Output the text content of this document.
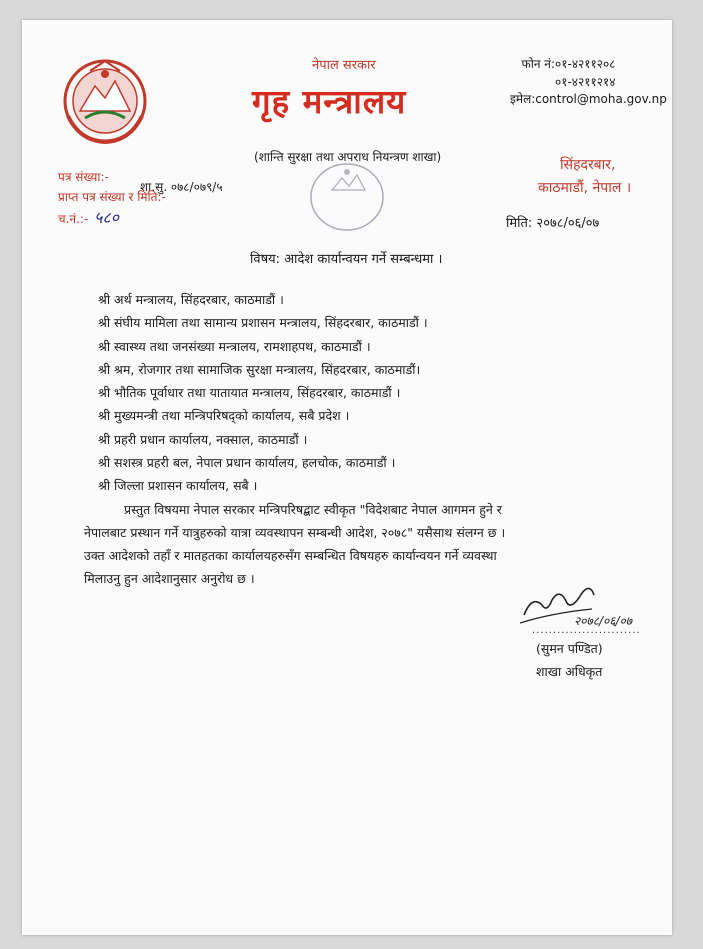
नेपाल सरकार
गृह मन्त्रालय
फोन नं:०१-४२११२०८
०१-४२११२१४
इमेल:control@moha.gov.np
(शान्ति सुरक्षा तथा अपराध नियन्त्रण शाखा)
पत्र संख्या:-
शा.सु. ०७८/०७९/५
प्राप्त पत्र संख्या र मिति:-
च.नं.:- ५८०
सिंहदरबार,
काठमाडौं, नेपाल ।
मिति: २०७८/०६/०७
विषय: आदेश कार्यान्वयन गर्ने सम्बन्धमा ।
श्री अर्थ मन्त्रालय, सिंहदरबार, काठमाडौं ।
श्री संघीय मामिला तथा सामान्य प्रशासन मन्त्रालय, सिंहदरबार, काठमाडौं ।
श्री स्वास्थ्य तथा जनसंख्या मन्त्रालय, रामशाहपथ, काठमाडौं ।
श्री श्रम, रोजगार तथा सामाजिक सुरक्षा मन्त्रालय, सिंहदरबार, काठमाडौं।
श्री भौतिक पूर्वाधार तथा यातायात मन्त्रालय, सिंहदरबार, काठमाडौं ।
श्री मुख्यमन्त्री तथा मन्त्रिपरिषद्को कार्यालय, सबै प्रदेश ।
श्री प्रहरी प्रधान कार्यालय, नक्साल, काठमाडौं ।
श्री सशस्त्र प्रहरी बल, नेपाल प्रधान कार्यालय, हलचोक, काठमाडौं ।
श्री जिल्ला प्रशासन कार्यालय, सबै ।
प्रस्तुत विषयमा नेपाल सरकार मन्त्रिपरिषद्बाट स्वीकृत "विदेशबाट नेपाल आगमन हुने र
नेपालबाट प्रस्थान गर्ने यात्रुहरुको यात्रा व्यवस्थापन सम्बन्धी आदेश, २०७८" यसैसाथ संलग्न छ ।
उक्त आदेशको तहाँ र मातहतका कार्यालयहरुसँग सम्बन्धित विषयहरु कार्यान्वयन गर्ने व्यवस्था
मिलाउनु हुन आदेशानुसार अनुरोध छ ।
२०७८/०६/०७
..........................
(सुमन पण्डित)
शाखा अधिकृत
